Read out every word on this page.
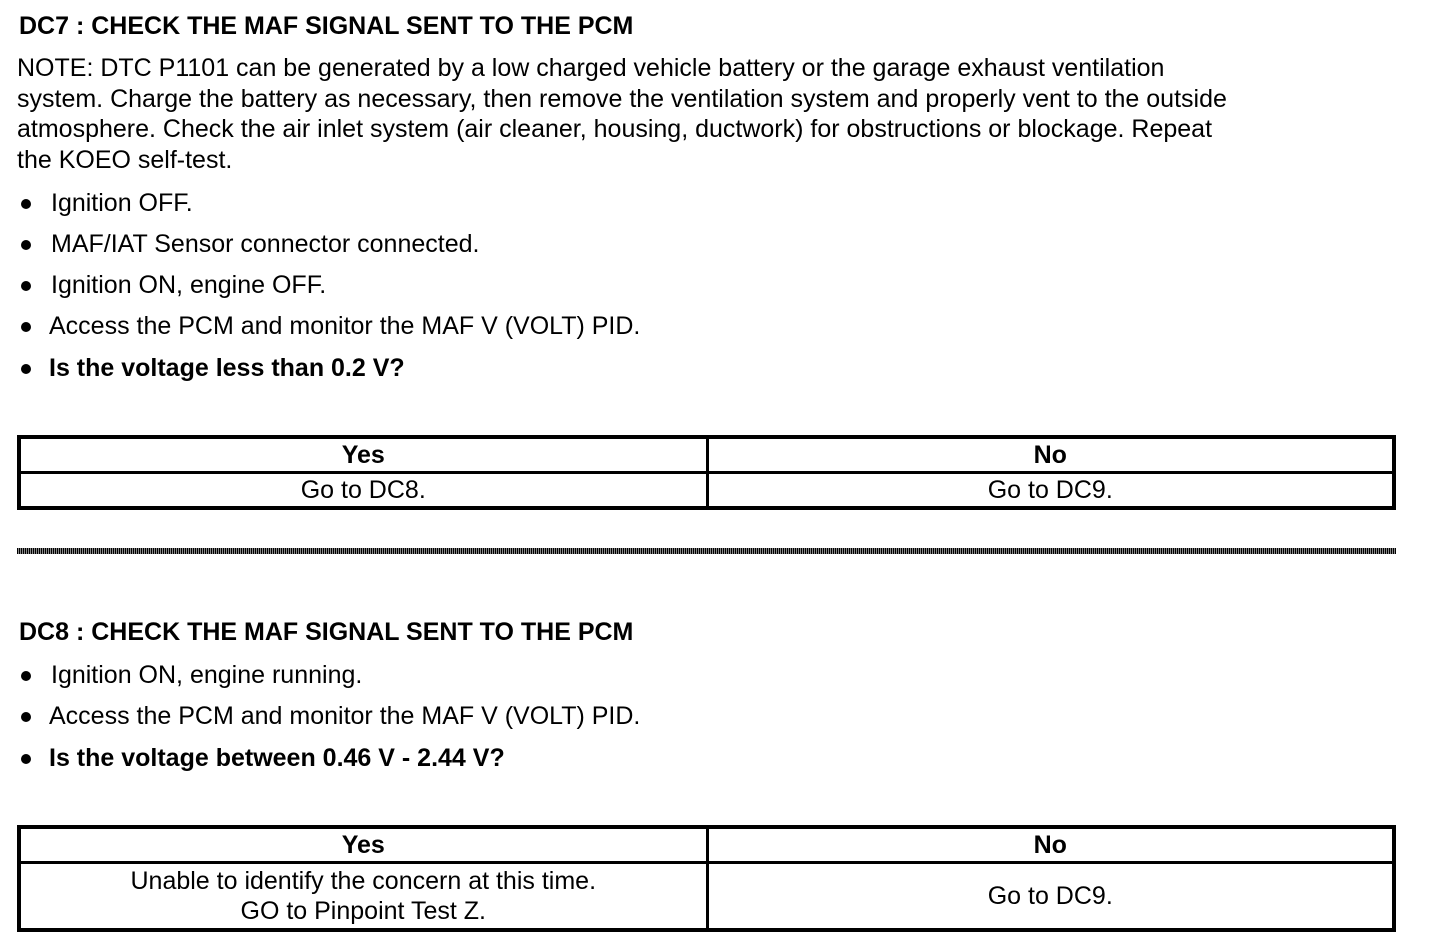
DC7 : CHECK THE MAF SIGNAL SENT TO THE PCM
NOTE: DTC P1101 can be generated by a low charged vehicle battery or the garage exhaust ventilation
system. Charge the battery as necessary, then remove the ventilation system and properly vent to the outside
atmosphere. Check the air inlet system (air cleaner, housing, ductwork) for obstructions or blockage. Repeat
the KOEO self-test.
Ignition OFF.
MAF/IAT Sensor connector connected.
Ignition ON, engine OFF.
Access the PCM and monitor the MAF V (VOLT) PID.
Is the voltage less than 0.2 V?
Yes	No

Go to DC8.	Go to DC9.
DC8 : CHECK THE MAF SIGNAL SENT TO THE PCM
Ignition ON, engine running.
Access the PCM and monitor the MAF V (VOLT) PID.
Is the voltage between 0.46 V - 2.44 V?
Yes	No

Unable to identify the concern at this time.
GO to Pinpoint Test Z.	Go to DC9.
